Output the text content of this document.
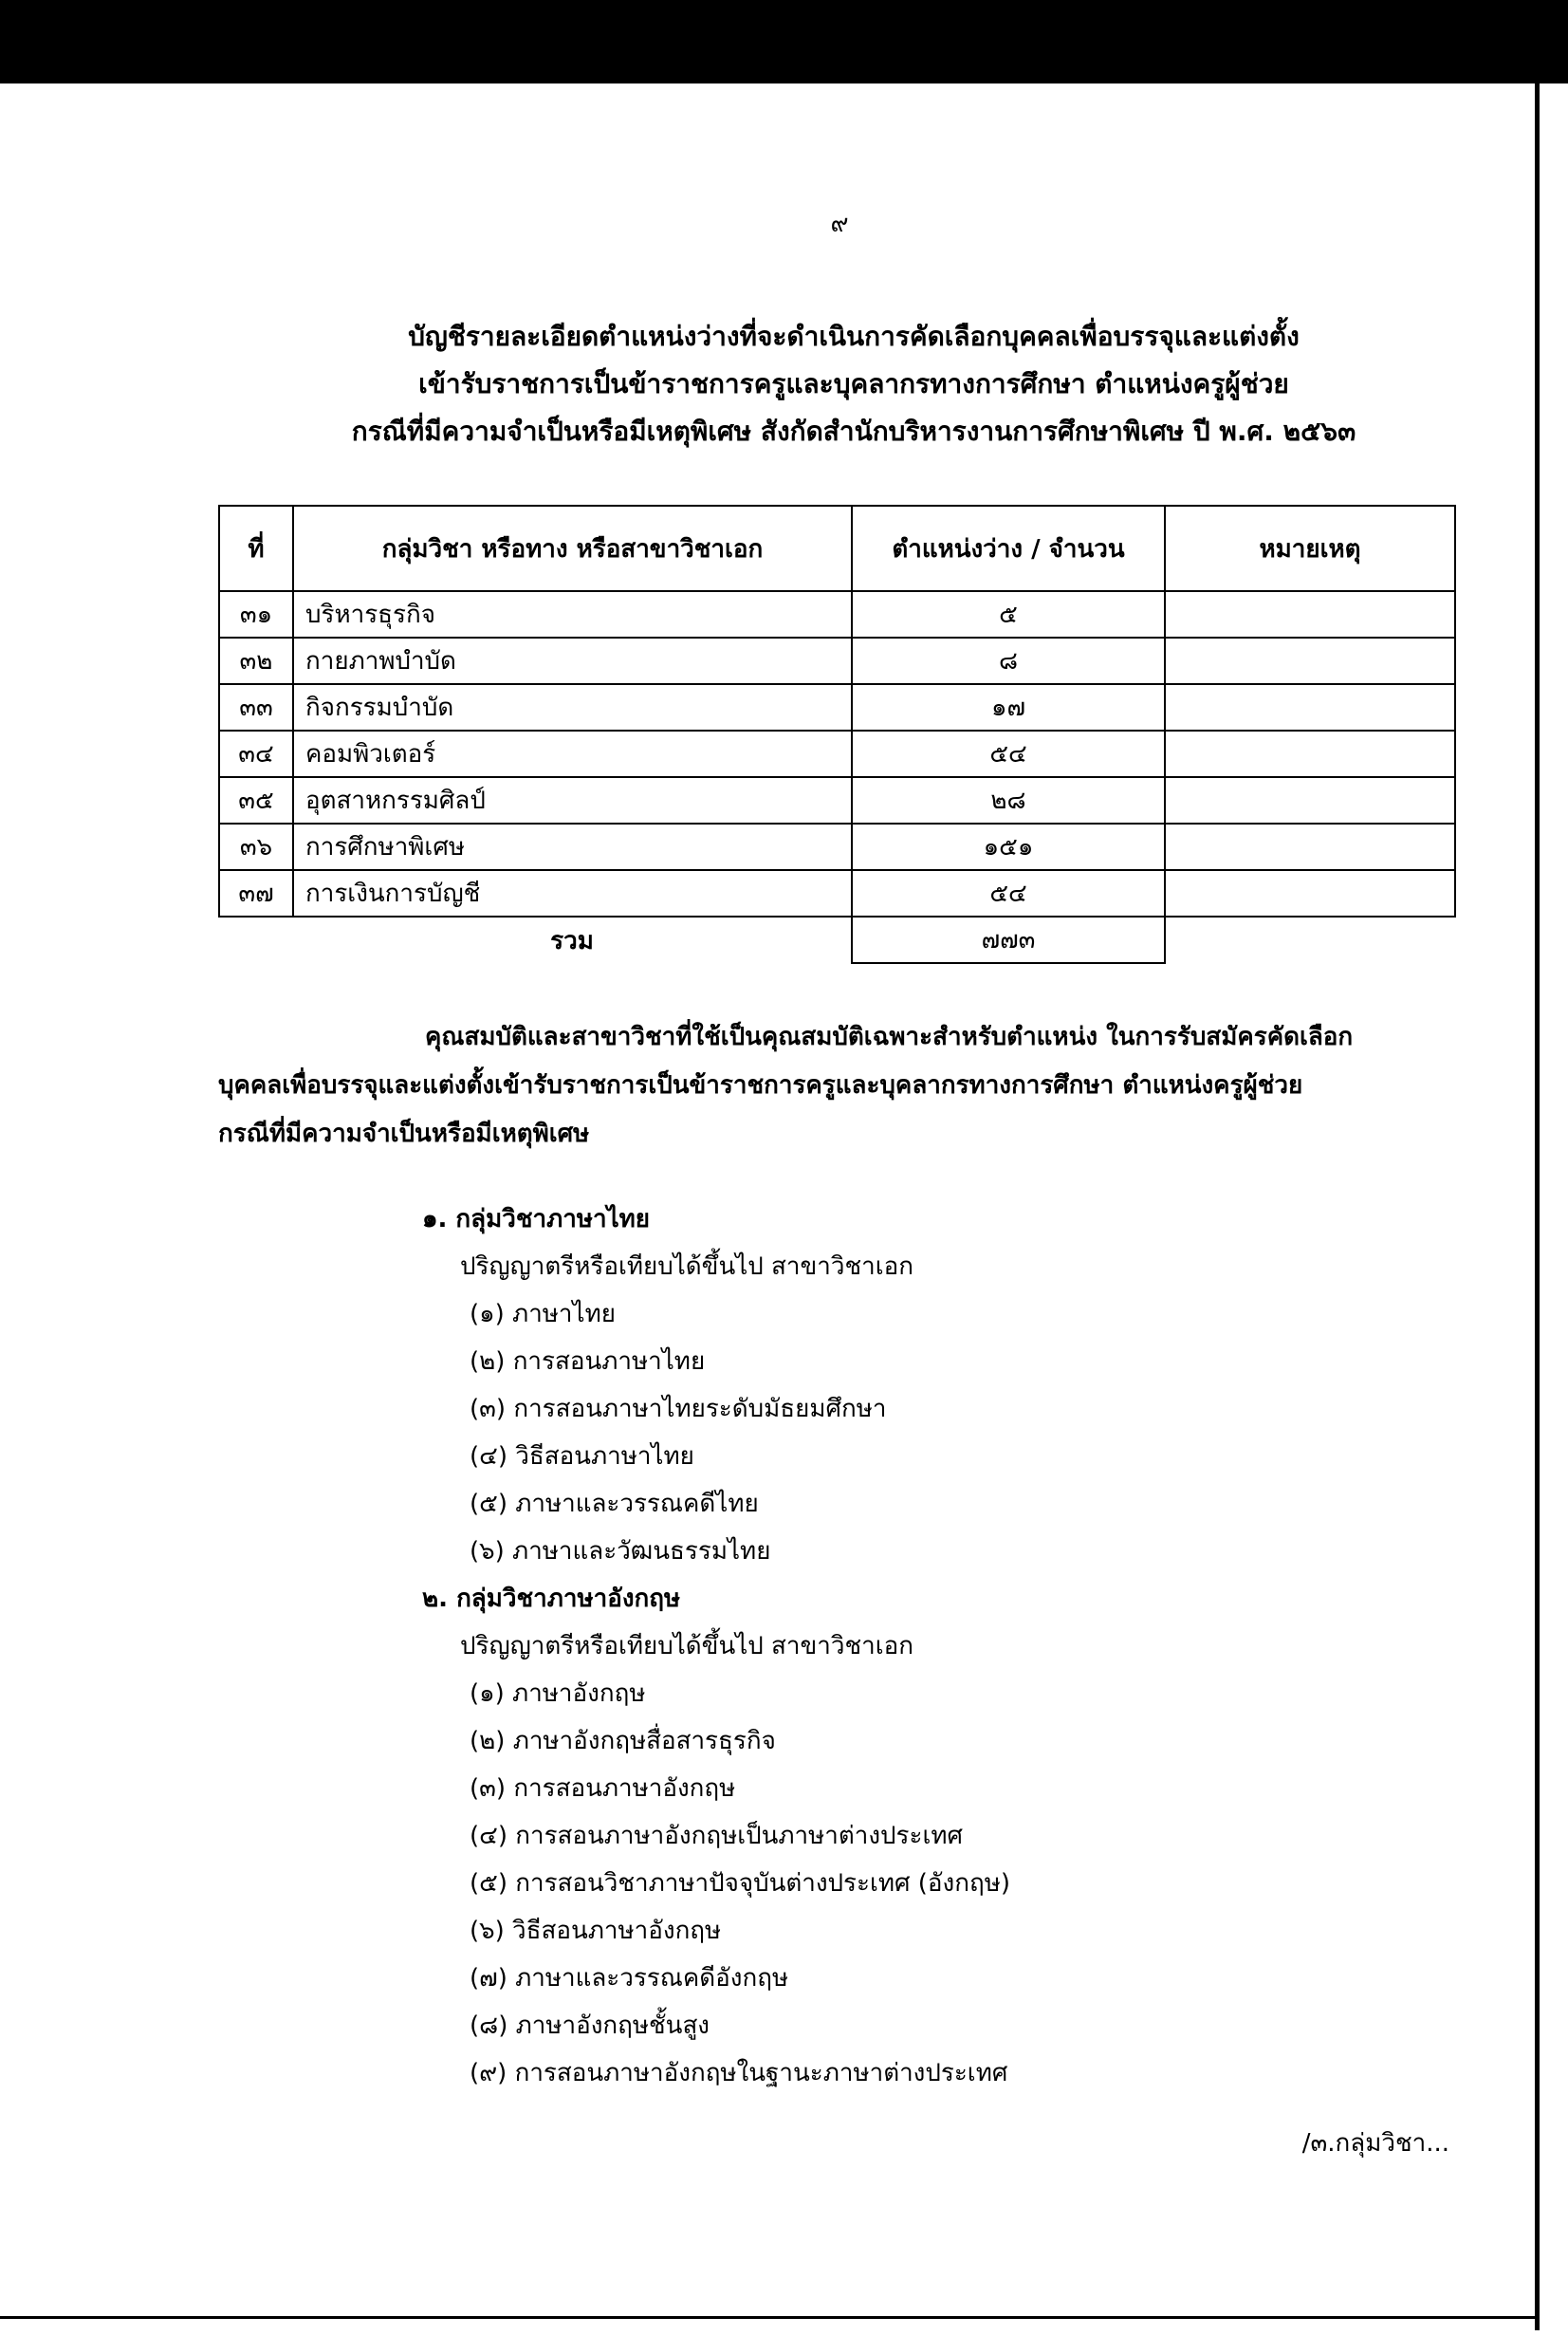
๙
บัญชีรายละเอียดตำแหน่งว่างที่จะดำเนินการคัดเลือกบุคคลเพื่อบรรจุและแต่งตั้ง
เข้ารับราชการเป็นข้าราชการครูและบุคลากรทางการศึกษา ตำแหน่งครูผู้ช่วย
กรณีที่มีความจำเป็นหรือมีเหตุพิเศษ สังกัดสำนักบริหารงานการศึกษาพิเศษ ปี พ.ศ. ๒๕๖๓
ที่	กลุ่มวิชา หรือทาง หรือสาขาวิชาเอก	ตำแหน่งว่าง / จำนวน	หมายเหตุ
๓๑	บริหารธุรกิจ	๕	
๓๒	กายภาพบำบัด	๘	
๓๓	กิจกรรมบำบัด	๑๗	
๓๔	คอมพิวเตอร์	๕๔	
๓๕	อุตสาหกรรมศิลป์	๒๘	
๓๖	การศึกษาพิเศษ	๑๕๑	
๓๗	การเงินการบัญชี	๕๔	
	รวม	๗๗๓	
คุณสมบัติและสาขาวิชาที่ใช้เป็นคุณสมบัติเฉพาะสำหรับตำแหน่ง ในการรับสมัครคัดเลือก
บุคคลเพื่อบรรจุและแต่งตั้งเข้ารับราชการเป็นข้าราชการครูและบุคลากรทางการศึกษา ตำแหน่งครูผู้ช่วย
กรณีที่มีความจำเป็นหรือมีเหตุพิเศษ
๑. กลุ่มวิชาภาษาไทย
ปริญญาตรีหรือเทียบได้ขึ้นไป สาขาวิชาเอก
(๑) ภาษาไทย
(๒) การสอนภาษาไทย
(๓) การสอนภาษาไทยระดับมัธยมศึกษา
(๔) วิธีสอนภาษาไทย
(๕) ภาษาและวรรณคดีไทย
(๖) ภาษาและวัฒนธรรมไทย
๒. กลุ่มวิชาภาษาอังกฤษ
ปริญญาตรีหรือเทียบได้ขึ้นไป สาขาวิชาเอก
(๑) ภาษาอังกฤษ
(๒) ภาษาอังกฤษสื่อสารธุรกิจ
(๓) การสอนภาษาอังกฤษ
(๔) การสอนภาษาอังกฤษเป็นภาษาต่างประเทศ
(๕) การสอนวิชาภาษาปัจจุบันต่างประเทศ (อังกฤษ)
(๖) วิธีสอนภาษาอังกฤษ
(๗) ภาษาและวรรณคดีอังกฤษ
(๘) ภาษาอังกฤษชั้นสูง
(๙) การสอนภาษาอังกฤษในฐานะภาษาต่างประเทศ
/๓.กลุ่มวิชา...
